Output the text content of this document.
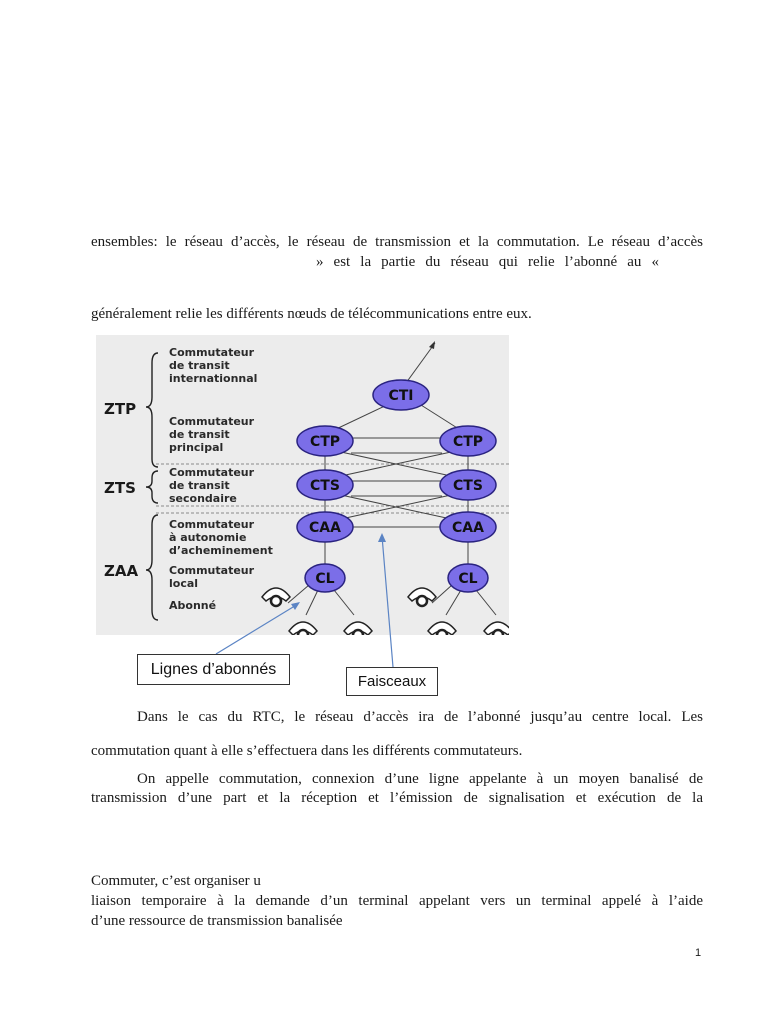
ensembles: le réseau d’accès, le réseau de transmission et la commutation. Le réseau d’accès
» est la partie du réseau qui relie l’abonné au «
généralement relie les différents nœuds de télécommunications entre eux.
ZTP
ZTS
ZAA
Commutateur
de transit
internationnal
Commutateur
de transit
principal
Commutateur
de transit
secondaire
Commutateur
à autonomie
d’acheminement
Commutateur
local
Abonné
CTI
CTP	CTP
CTS	CTS
CAA	CAA
CL	CL
Lignes d’abonnés
Faisceaux
Dans le cas du RTC, le réseau d’accès ira de l’abonné jusqu’au centre local. Les
commutation quant à elle s’effectuera dans les différents commutateurs.
On appelle commutation, connexion d’une ligne appelante à un moyen banalisé de
transmission d’une part et la réception et l’émission de signalisation et exécution de la
Commuter, c’est organiser u
liaison temporaire à la demande d’un terminal appelant vers un terminal appelé à l’aide
d’une ressource de transmission banalisée
1
